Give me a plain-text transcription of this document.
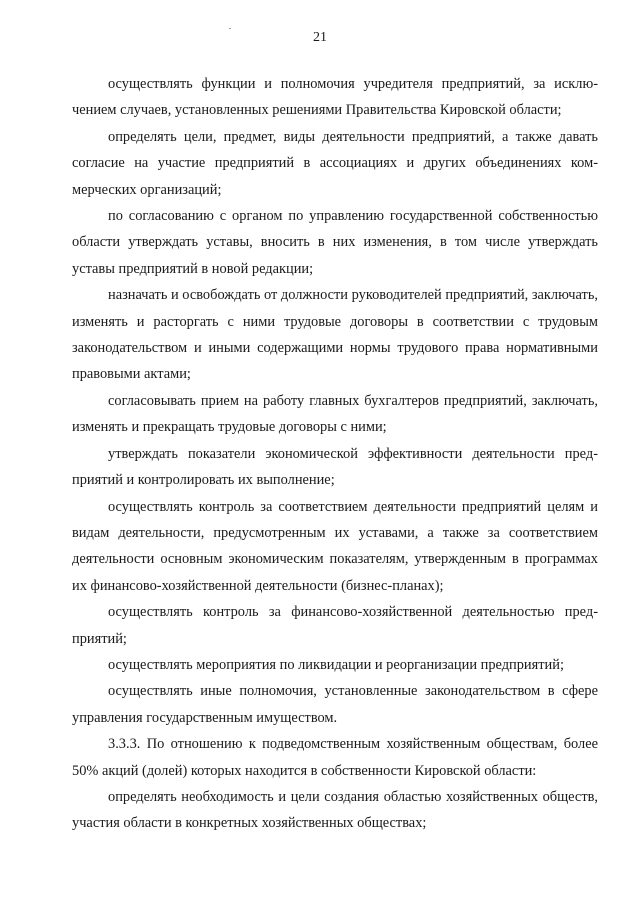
21

осуществлять функции и полномочия учредителя предприятий, за исключением случаев, установленных решениями Правительства Кировской области;

определять цели, предмет, виды деятельности предприятий, а также давать согласие на участие предприятий в ассоциациях и других объединениях коммерческих организаций;

по согласованию с органом по управлению государственной собственностью области утверждать уставы, вносить в них изменения, в том числе утверждать уставы предприятий в новой редакции;

назначать и освобождать от должности руководителей предприятий, заключать, изменять и расторгать с ними трудовые договоры в соответствии с трудовым законодательством и иными содержащими нормы трудового права нормативными правовыми актами;

согласовывать прием на работу главных бухгалтеров предприятий, заключать, изменять и прекращать трудовые договоры с ними;

утверждать показатели экономической эффективности деятельности предприятий и контролировать их выполнение;

осуществлять контроль за соответствием деятельности предприятий целям и видам деятельности, предусмотренным их уставами, а также за соответствием деятельности основным экономическим показателям, утвержденным в программах их финансово-хозяйственной деятельности (бизнес-планах);

осуществлять контроль за финансово-хозяйственной деятельностью предприятий;

осуществлять мероприятия по ликвидации и реорганизации предприятий;

осуществлять иные полномочия, установленные законодательством в сфере управления государственным имуществом.

3.3.3. По отношению к подведомственным хозяйственным обществам, более 50% акций (долей) которых находится в собственности Кировской области:

определять необходимость и цели создания областью хозяйственных обществ, участия области в конкретных хозяйственных обществах;
